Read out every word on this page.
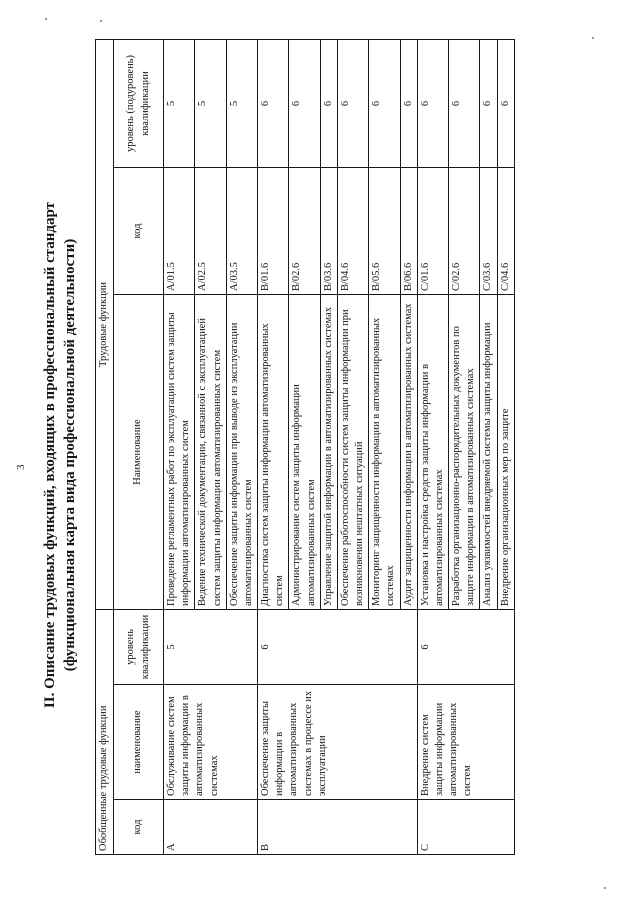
3 II. Описание трудовых функций, входящих в профессиональный стандарт (функциональная карта вида профессиональной деятельности)
Обобщенные трудовые функции			Трудовые функции		
код	наименование	уровень квалификации	Наименование	код	уровень (подуровень) квалификации
A	Обслуживание систем защиты информации в автоматизированных системах	5	Проведение регламентных работ по эксплуатации систем защиты информации автоматизированных систем	A/01.5	5
			Ведение технической документации, связанной с эксплуатацией систем защиты информации автоматизированных систем	A/02.5	5
			Обеспечение защиты информации при выводе из эксплуатации автоматизированных систем	A/03.5	5
B	Обеспечение защиты информации в автоматизированных системах в процессе их эксплуатации	6	Диагностика систем защиты информации автоматизированных систем	B/01.6	6
			Администрирование систем защиты информации автоматизированных систем	B/02.6	6
			Управление защитой информации в автоматизированных системах	B/03.6	6
			Обеспечение работоспособности систем защиты информации при возникновении нештатных ситуаций	B/04.6	6
			Мониторинг защищенности информации в автоматизированных системах	B/05.6	6
			Аудит защищенности информации в автоматизированных системах	B/06.6	6
C	Внедрение систем защиты информации автоматизированных систем	6	Установка и настройка средств защиты информации в автоматизированных системах	C/01.6	6
			Разработка организационно-распорядительных документов по защите информации в автоматизированных системах	C/02.6	6
			Анализ уязвимостей внедряемой системы защиты информации	C/03.6	6
			Внедрение организационных мер по защите	C/04.6	6
